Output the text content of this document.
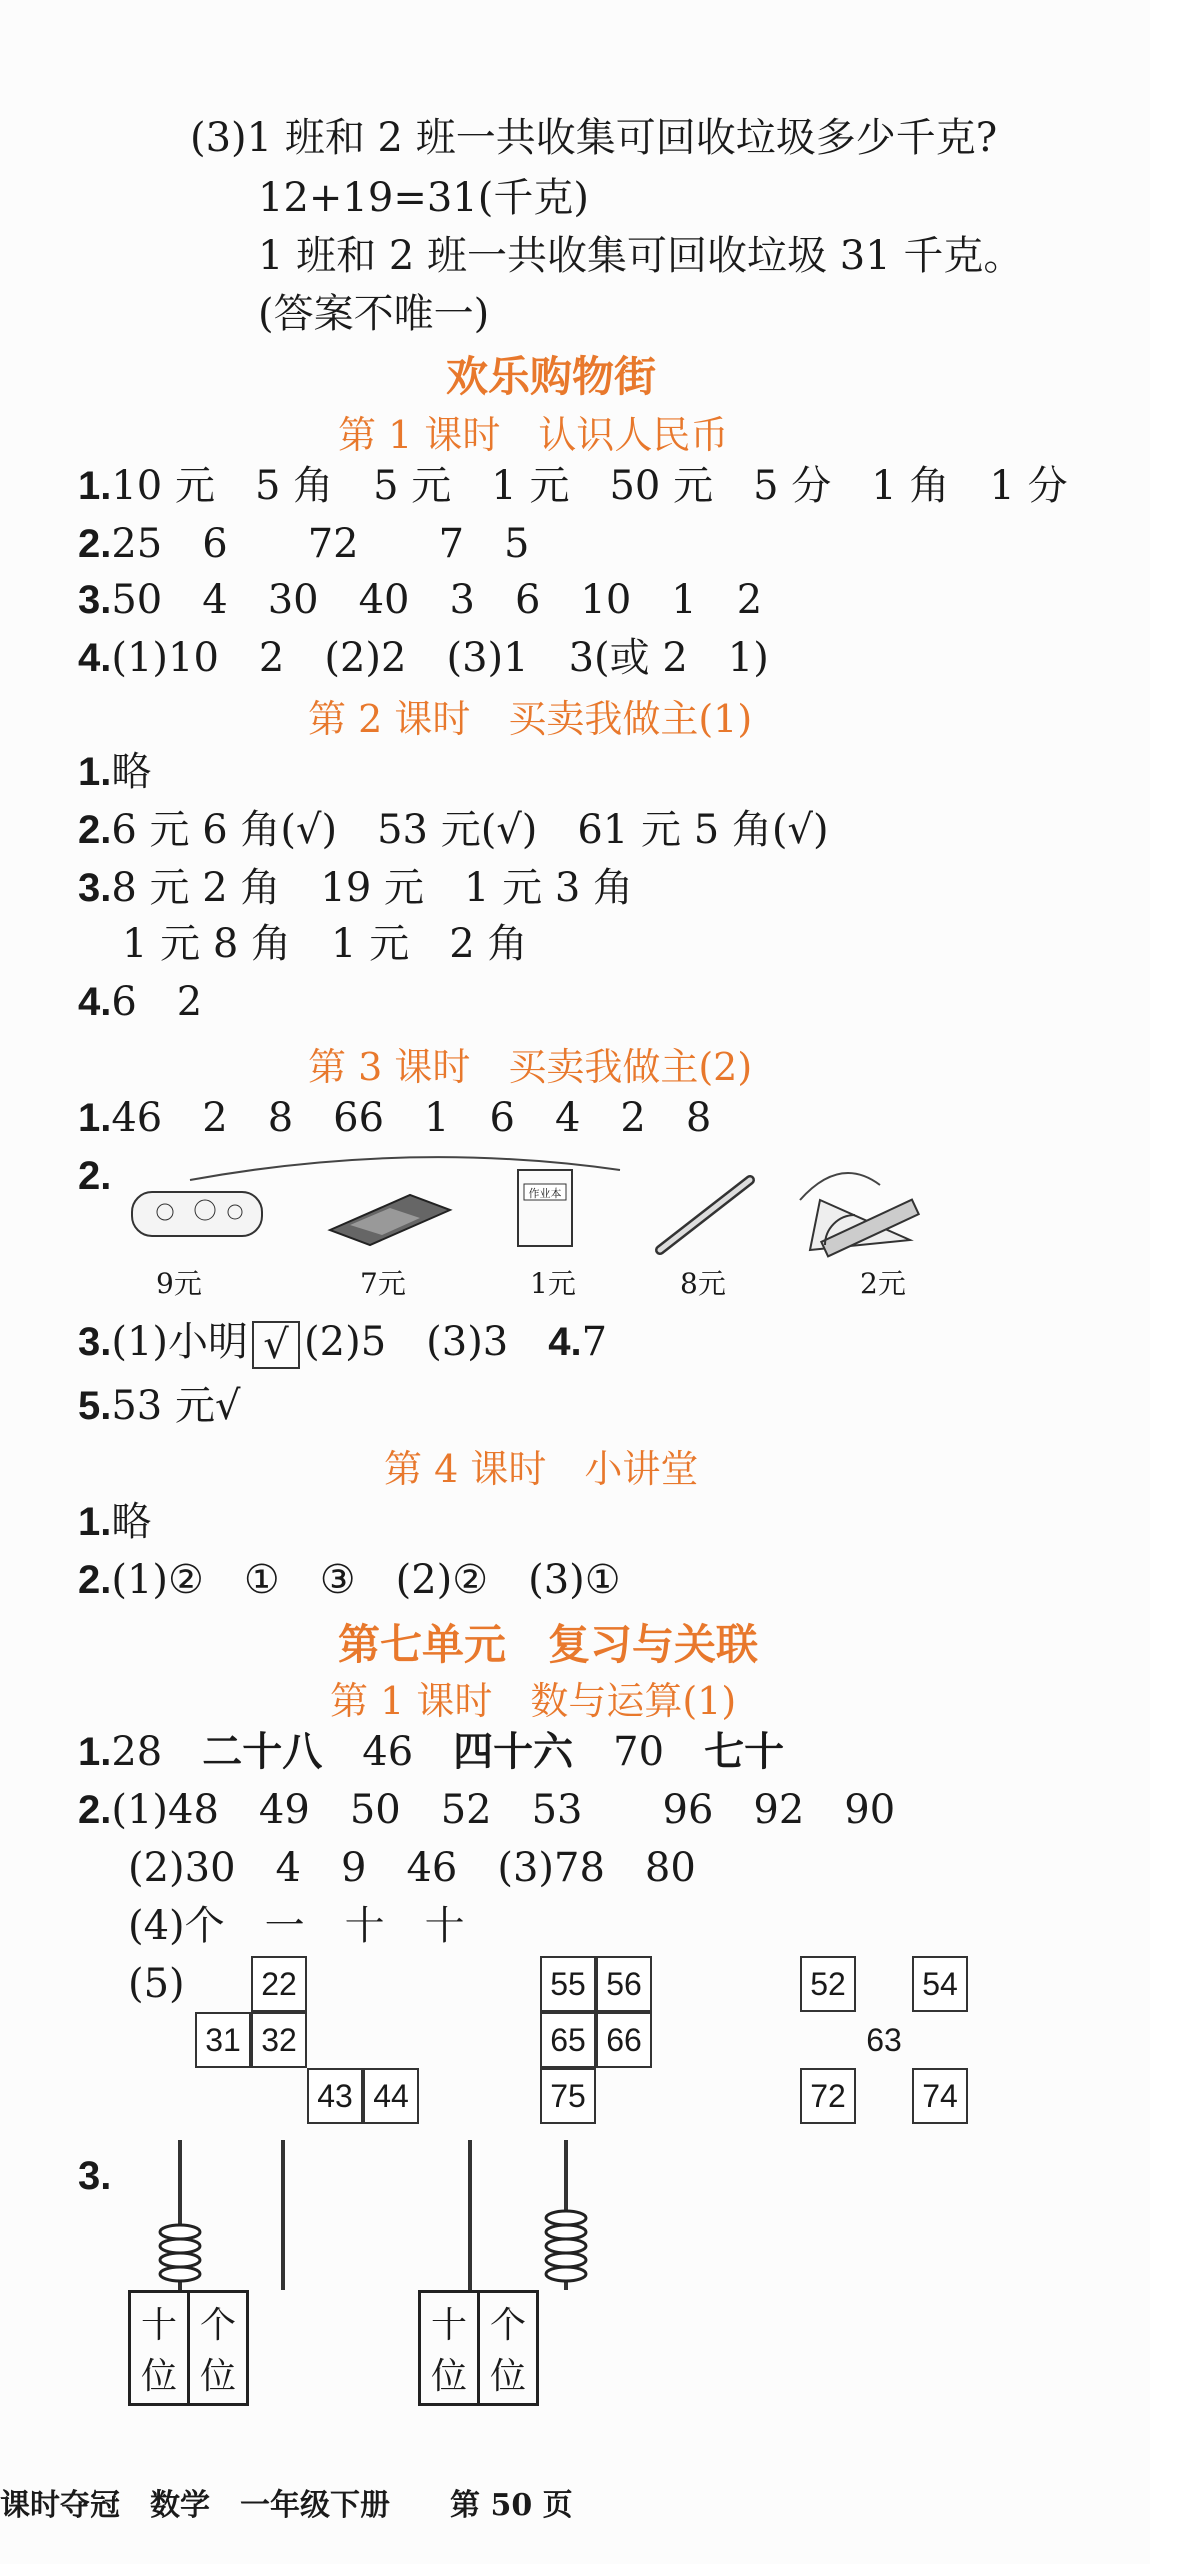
(3)1 班和 2 班一共收集可回收垃圾多少千克?
12+19=31(千克)
1 班和 2 班一共收集可回收垃圾 31 千克。
(答案不唯一)
欢乐购物街
第 1 课时　认识人民币
1.10 元　5 角　5 元　1 元　50 元　5 分　1 角　1 分
2.25　6　　72　　7　5
3.50　4　30　40　3　6　10　1　2
4.(1)10　2　(2)2　(3)1　3(或 2　1)
第 2 课时　买卖我做主(1)
1.略
2.6 元 6 角(√)　53 元(√)　61 元 5 角(√)
3.8 元 2 角　19 元　1 元 3 角
1 元 8 角　1 元　2 角
4.6　2
第 3 课时　买卖我做主(2)
1.46　2　8　66　1　6　4　2　8
2.	作业本
9元	7元	1元	8元	2元
3.(1)小明 √ (2)5　(3)3　 4.7
5.53 元√
第 4 课时　小讲堂
1.略
2.(1)②　①　③　(2)②　(3)①
第七单元　复习与关联
第 1 课时　数与运算(1)
1.28　 二十八　 46　 四十六　 70　 七十
2.(1)48　49　50　52　53　　96　92　90
(2)30　4　9　46　(3)78　80
(4)个　一　十　十
(5)	22
31 32
43 44
55 56
65 66
75
52	54
63
72	74
3.
十位
个位
十位
个位
课时夺冠　数学　一年级下册　　第 50 页
